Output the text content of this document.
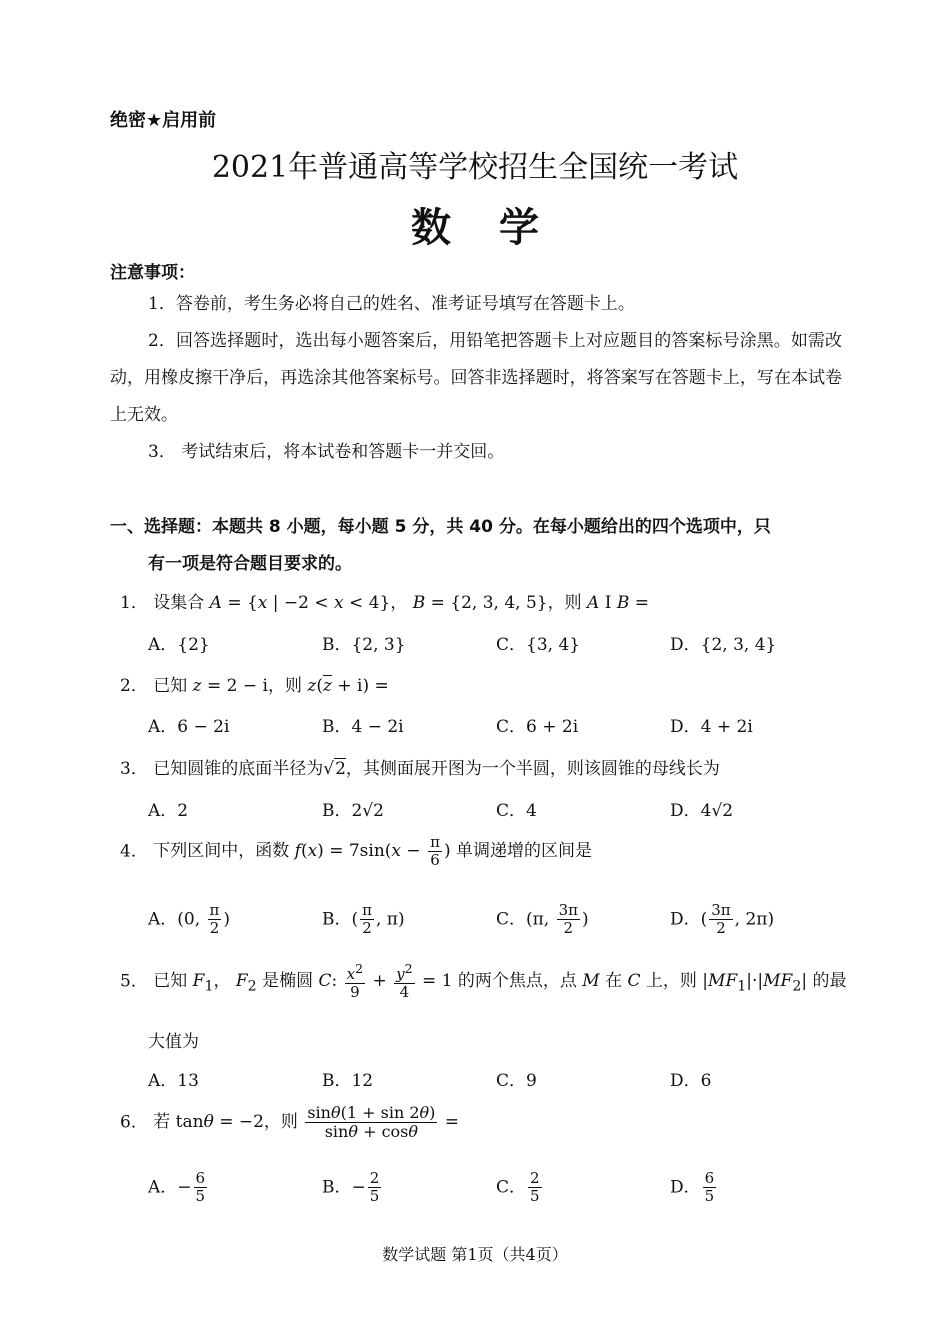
绝密★启用前
2021年普通高等学校招生全国统一考试
数学
注意事项：
1．答卷前，考生务必将自己的姓名、准考证号填写在答题卡上。
2．回答选择题时，选出每小题答案后，用铅笔把答题卡上对应题目的答案标号涂黑。如需改动，用橡皮擦干净后，再选涂其他答案标号。回答非选择题时，将答案写在答题卡上，写在本试卷上无效。
3． 考试结束后，将本试卷和答题卡一并交回。
一、选择题：本题共 8 小题，每小题 5 分，共 40 分。在每小题给出的四个选项中，只
有一项是符合题目要求的。
1． 设集合 A = {x | −2 < x < 4}， B = {2, 3, 4, 5}，则 A I B =
A．{2}	B．{2, 3}	C．{3, 4}	D．{2, 3, 4}
2． 已知 z = 2 − i，则 $z(\overline{z} + i)$ =
A．6 − 2i	B．4 − 2i	C．6 + 2i	D．4 + 2i
3． 已知圆锥的底面半径为√2，其侧面展开图为一个半圆，则该圆锥的母线长为
A．2	B．2√2	C．4	D．4√2
4． 下列区间中，函数 $f(x) = 7\sin(x - \frac{\pi}{6}$ ) 单调递增的区间是
A．(0, $\frac{\pi}{2}$ )	B．( $\frac{\pi}{2}$ , π)	C．(π, $\frac{3\pi}{2}$ )	D．( $\frac{3\pi}{2}$ , 2π)
5． 已知 $F_1$， $F_2$ 是椭圆 C: $\frac{x^2}{9} + \frac{y^2}{4} = 1$ 的两个焦点，点 M 在 C 上，则 $|MF_1|\cdot|MF_2|$ 的最
大值为
A．13	B．12	C．9	D．6
6． 若 tanθ = −2，则 $\frac{\sin\theta(1 + \sin 2\theta)}{\sin\theta + \cos\theta}$ =
A．− $\frac{6}{5}$	B．− $\frac{2}{5}$	C． $\frac{2}{5}$	D． $\frac{6}{5}$
数学试题 第1页（共4页）
